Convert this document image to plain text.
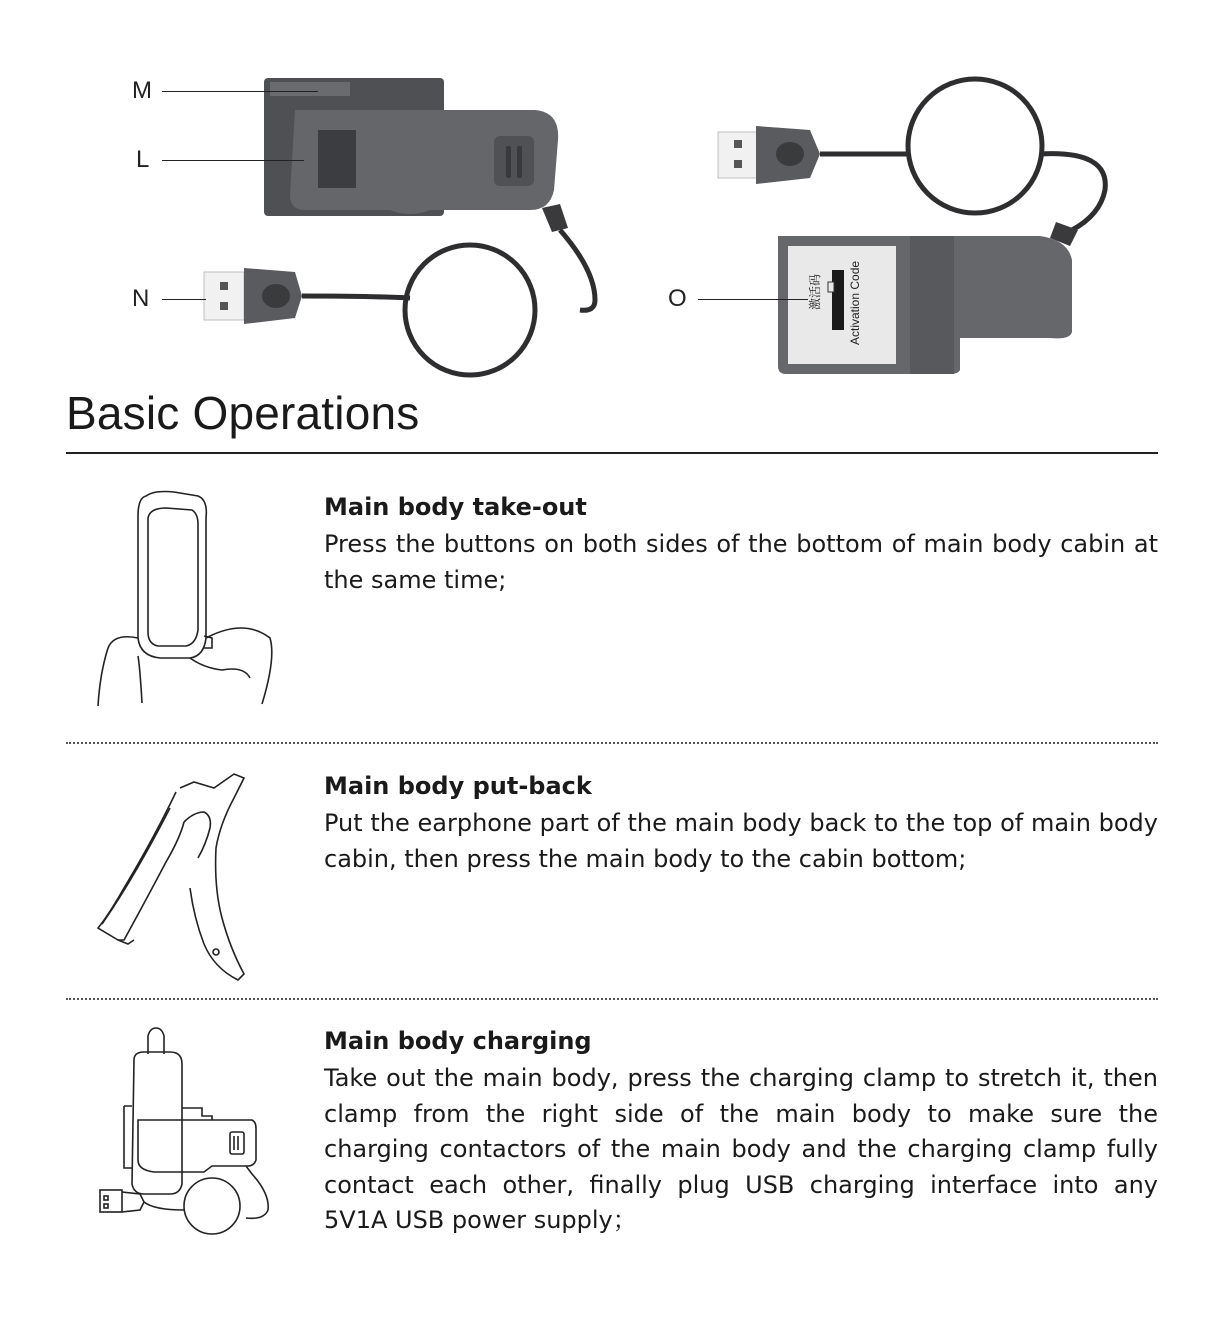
M
L
N	O	激活码 Activation Code
Basic Operations
Main body take-out

Press the buttons on both sides of the bottom of main body cabin at the same time;

Main body put-back

Put the earphone part of the main body back to the top of main body cabin, then press the main body to the cabin bottom;

Main body charging

Take out the main body, press the charging clamp to stretch it, then clamp from the right side of the main body to make sure the charging contactors of the main body and the charging clamp fully contact each other, finally plug USB charging interface into any 5V1A USB power supply；
